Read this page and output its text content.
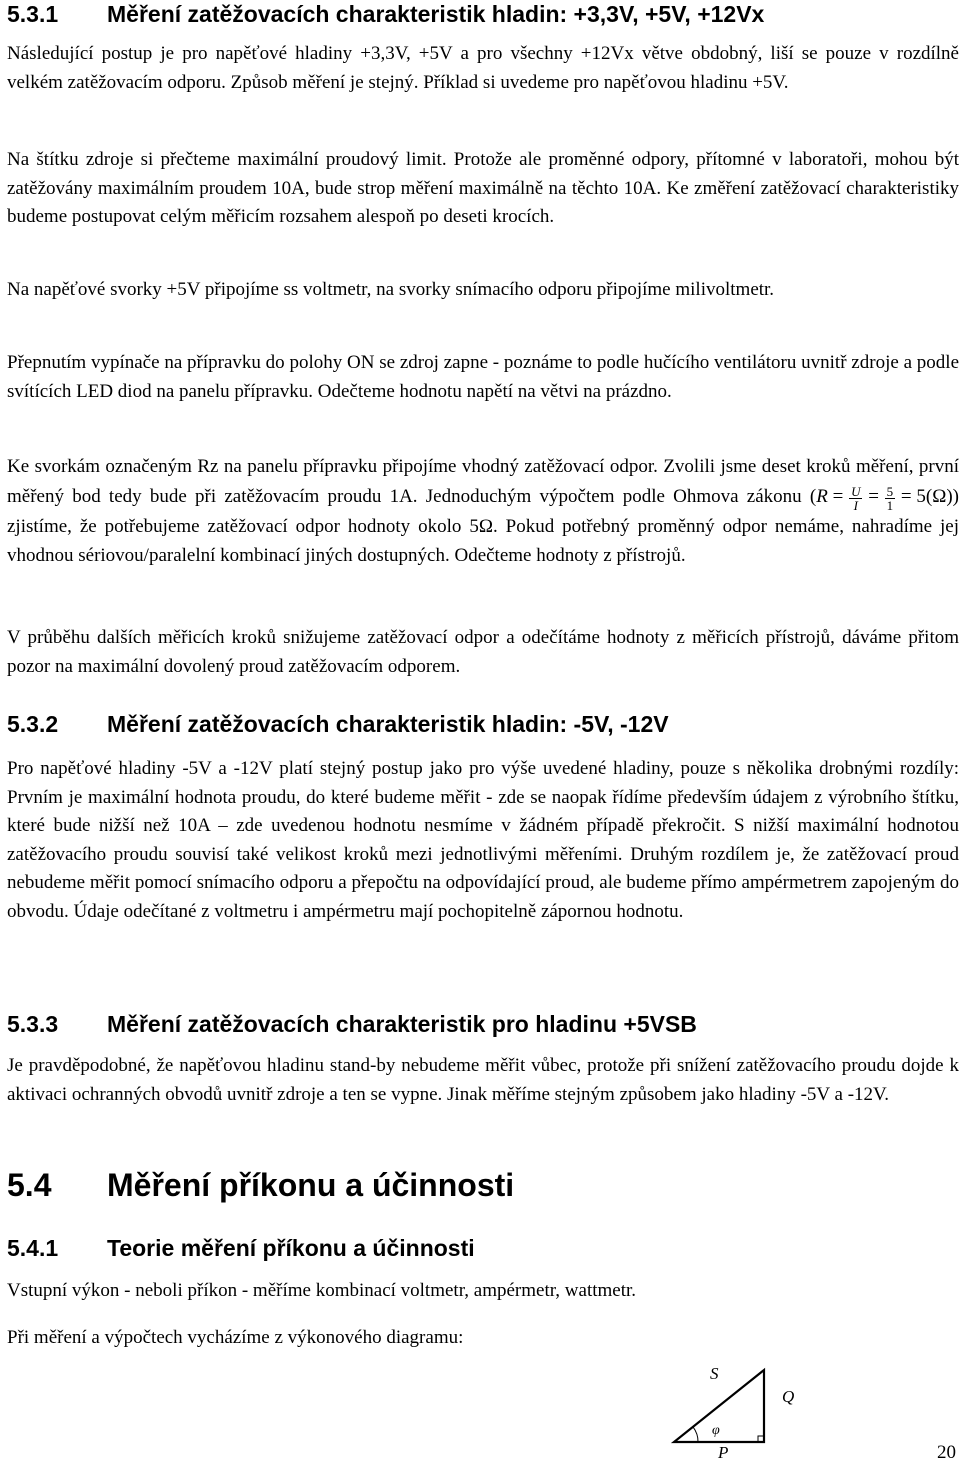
5.3.1 Měření zatěžovacích charakteristik hladin: +3,3V, +5V, +12Vx

Následující postup je pro napěťové hladiny +3,3V, +5V a pro všechny +12Vx větve obdobný, liší se pouze v rozdílně velkém zatěžovacím odporu. Způsob měření je stejný. Příklad si uvedeme pro napěťovou hladinu +5V.

Na štítku zdroje si přečteme maximální proudový limit. Protože ale proměnné odpory, přítomné v laboratoři, mohou být zatěžovány maximálním proudem 10A, bude strop měření maximálně na těchto 10A. Ke změření zatěžovací charakteristiky budeme postupovat celým měřicím rozsahem alespoň po deseti krocích.

Na napěťové svorky +5V připojíme ss voltmetr, na svorky snímacího odporu připojíme milivoltmetr.

Přepnutím vypínače na přípravku do polohy ON se zdroj zapne - poznáme to podle hučícího ventilátoru uvnitř zdroje a podle svítících LED diod na panelu přípravku. Odečteme hodnotu napětí na větvi na prázdno.

Ke svorkám označeným Rz na panelu přípravku připojíme vhodný zatěžovací odpor. Zvolili jsme deset kroků měření, první měřený bod tedy bude při zatěžovacím proudu 1A. Jednoduchým výpočtem podle Ohmova zákonu $(R = \frac{U}{I} = \frac{5}{1} = 5(\Omega))$ zjistíme, že potřebujeme zatěžovací odpor hodnoty okolo 5Ω. Pokud potřebný proměnný odpor nemáme, nahradíme jej vhodnou sériovou/paralelní kombinací jiných dostupných. Odečteme hodnoty z přístrojů.

V průběhu dalších měřicích kroků snižujeme zatěžovací odpor a odečítáme hodnoty z měřicích přístrojů, dáváme přitom pozor na maximální dovolený proud zatěžovacím odporem.

5.3.2 Měření zatěžovacích charakteristik hladin: -5V, -12V

Pro napěťové hladiny -5V a -12V platí stejný postup jako pro výše uvedené hladiny, pouze s několika drobnými rozdíly: Prvním je maximální hodnota proudu, do které budeme měřit - zde se naopak řídíme především údajem z výrobního štítku, které bude nižší než 10A – zde uvedenou hodnotu nesmíme v žádném případě překročit. S nižší maximální hodnotou zatěžovacího proudu souvisí také velikost kroků mezi jednotlivými měřeními. Druhým rozdílem je, že zatěžovací proud nebudeme měřit pomocí snímacího odporu a přepočtu na odpovídající proud, ale budeme přímo ampérmetrem zapojeným do obvodu. Údaje odečítané z voltmetru i ampérmetru mají pochopitelně zápornou hodnotu.

5.3.3 Měření zatěžovacích charakteristik pro hladinu +5VSB

Je pravděpodobné, že napěťovou hladinu stand-by nebudeme měřit vůbec, protože při snížení zatěžovacího proudu dojde k aktivaci ochranných obvodů uvnitř zdroje a ten se vypne. Jinak měříme stejným způsobem jako hladiny -5V a -12V.

5.4 Měření příkonu a účinnosti
5.4.1 Teorie měření příkonu a účinnosti

Vstupní výkon - neboli příkon - měříme kombinací voltmetr, ampérmetr, wattmetr.

Při měření a výpočtech vycházíme z výkonového diagramu:

S
Q
φ
P	20
